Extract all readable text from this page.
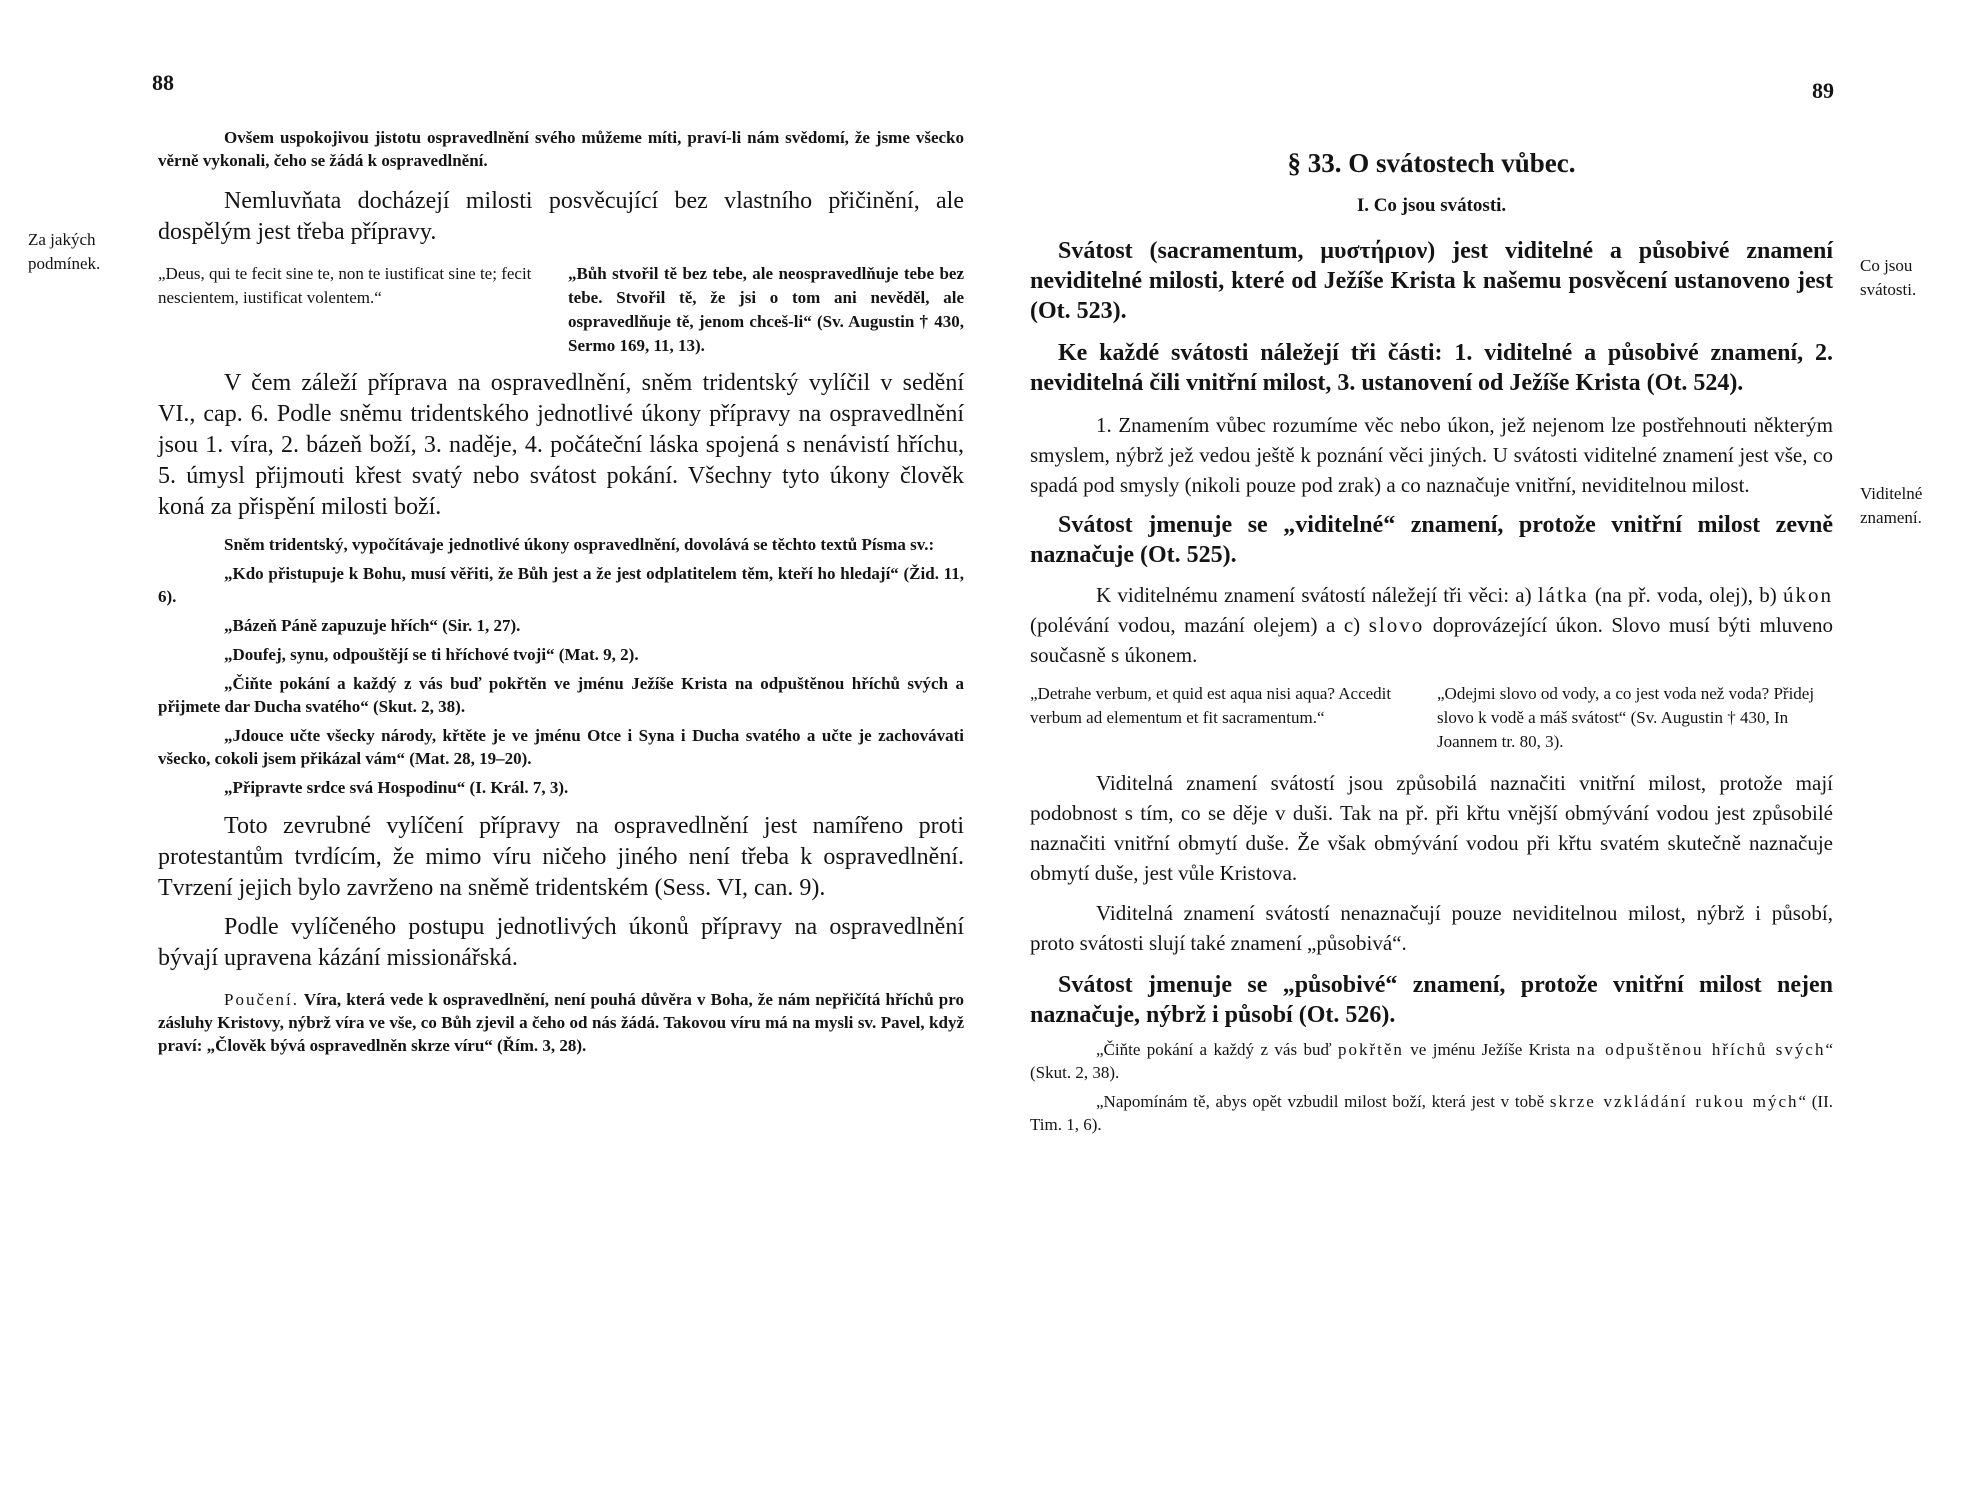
88

Ovšem uspokojivou jistotu ospravedlnění svého můžeme míti, praví-li nám svědomí, že jsme všecko věrně vykonali, čeho se žádá k ospravedlnění.

Nemluvňata docházejí milosti posvěcující bez vlastního přičinění, ale dospělým jest třeba přípravy.

„Deus, qui te fecit sine te, non te iustificat sine te; fecit nescientem, iustificat volentem.“
„Bůh stvořil tě bez tebe, ale neospravedlňuje tebe bez tebe. Stvořil tě, že jsi o tom ani nevěděl, ale ospravedlňuje tě, jenom chceš-li“ (Sv. Augustin † 430, Sermo 169, 11, 13).

V čem záleží příprava na ospravedlnění, sněm tridentský vylíčil v sedění VI., cap. 6. Podle sněmu tridentského jednotlivé úkony přípravy na ospravedlnění jsou 1. víra, 2. bázeň boží, 3. naděje, 4. počáteční láska spojená s nenávistí hříchu, 5. úmysl přijmouti křest svatý nebo svátost pokání. Všechny tyto úkony člověk koná za přispění milosti boží.

Sněm tridentský, vypočítávaje jednotlivé úkony ospravedlnění, dovolává se těchto textů Písma sv.:

„Kdo přistupuje k Bohu, musí věřiti, že Bůh jest a že jest odplatitelem těm, kteří ho hledají“ (Žid. 11, 6).

„Bázeň Páně zapuzuje hřích“ (Sir. 1, 27).

„Doufej, synu, odpouštějí se ti hříchové tvoji“ (Mat. 9, 2).

„Čiňte pokání a každý z vás buď pokřtěn ve jménu Ježíše Krista na odpuštěnou hříchů svých a přijmete dar Ducha svatého“ (Skut. 2, 38).

„Jdouce učte všecky národy, křtěte je ve jménu Otce i Syna i Ducha svatého a učte je zachovávati všecko, cokoli jsem přikázal vám“ (Mat. 28, 19–20).

„Připravte srdce svá Hospodinu“ (I. Král. 7, 3).

Toto zevrubné vylíčení přípravy na ospravedlnění jest namířeno proti protestantům tvrdícím, že mimo víru ničeho jiného není třeba k ospravedlnění. Tvrzení jejich bylo zavrženo na sněmě tridentském (Sess. VI, can. 9).

Podle vylíčeného postupu jednotlivých úkonů přípravy na ospravedlnění bývají upravena kázání missionářská.

Poučení. Víra, která vede k ospravedlnění, není pouhá důvěra v Boha, že nám nepřičítá hříchů pro zásluhy Kristovy, nýbrž víra ve vše, co Bůh zjevil a čeho od nás žádá. Takovou víru má na mysli sv. Pavel, když praví: „Člověk bývá ospravedlněn skrze víru“ (Řím. 3, 28).

Za jakých podmínek.
89
§ 33. O svátostech vůbec.
I. Co jsou svátosti.

Svátost (sacramentum, μυστήριον) jest viditelné a působivé znamení neviditelné milosti, které od Ježíše Krista k našemu posvěcení ustanoveno jest (Ot. 523).

Ke každé svátosti náležejí tři části: 1. viditelné a působivé znamení, 2. neviditelná čili vnitřní milost, 3. ustanovení od Ježíše Krista (Ot. 524).

1. Znamením vůbec rozumíme věc nebo úkon, jež nejenom lze postřehnouti některým smyslem, nýbrž jež vedou ještě k poznání věci jiných. U svátosti viditelné znamení jest vše, co spadá pod smysly (nikoli pouze pod zrak) a co naznačuje vnitřní, neviditelnou milost.

Svátost jmenuje se „viditelné“ znamení, protože vnitřní milost zevně naznačuje (Ot. 525).

K viditelnému znamení svátostí náležejí tři věci: a) látka (na př. voda, olej), b) úkon (polévání vodou, mazání olejem) a c) slovo doprovázející úkon. Slovo musí býti mluveno současně s úkonem.

„Detrahe verbum, et quid est aqua nisi aqua? Accedit verbum ad elementum et fit sacramentum.“
„Odejmi slovo od vody, a co jest voda než voda? Přidej slovo k vodě a máš svátost“ (Sv. Augustin † 430, In Joannem tr. 80, 3).

Viditelná znamení svátostí jsou způsobilá naznačiti vnitřní milost, protože mají podobnost s tím, co se děje v duši. Tak na př. při křtu vnější obmývání vodou jest způsobilé naznačiti vnitřní obmytí duše. Že však obmývání vodou při křtu svatém skutečně naznačuje obmytí duše, jest vůle Kristova.

Viditelná znamení svátostí nenaznačují pouze neviditelnou milost, nýbrž i působí, proto svátosti slují také znamení „působivá“.

Svátost jmenuje se „působivé“ znamení, protože vnitřní milost nejen naznačuje, nýbrž i působí (Ot. 526).

„Čiňte pokání a každý z vás buď pokřtěn ve jménu Ježíše Krista na odpuštěnou hříchů svých“ (Skut. 2, 38).

„Napomínám tě, abys opět vzbudil milost boží, která jest v tobě skrze vzkládání rukou mých“ (II. Tim. 1, 6).

Co jsou svátosti.
Viditelné znamení.
